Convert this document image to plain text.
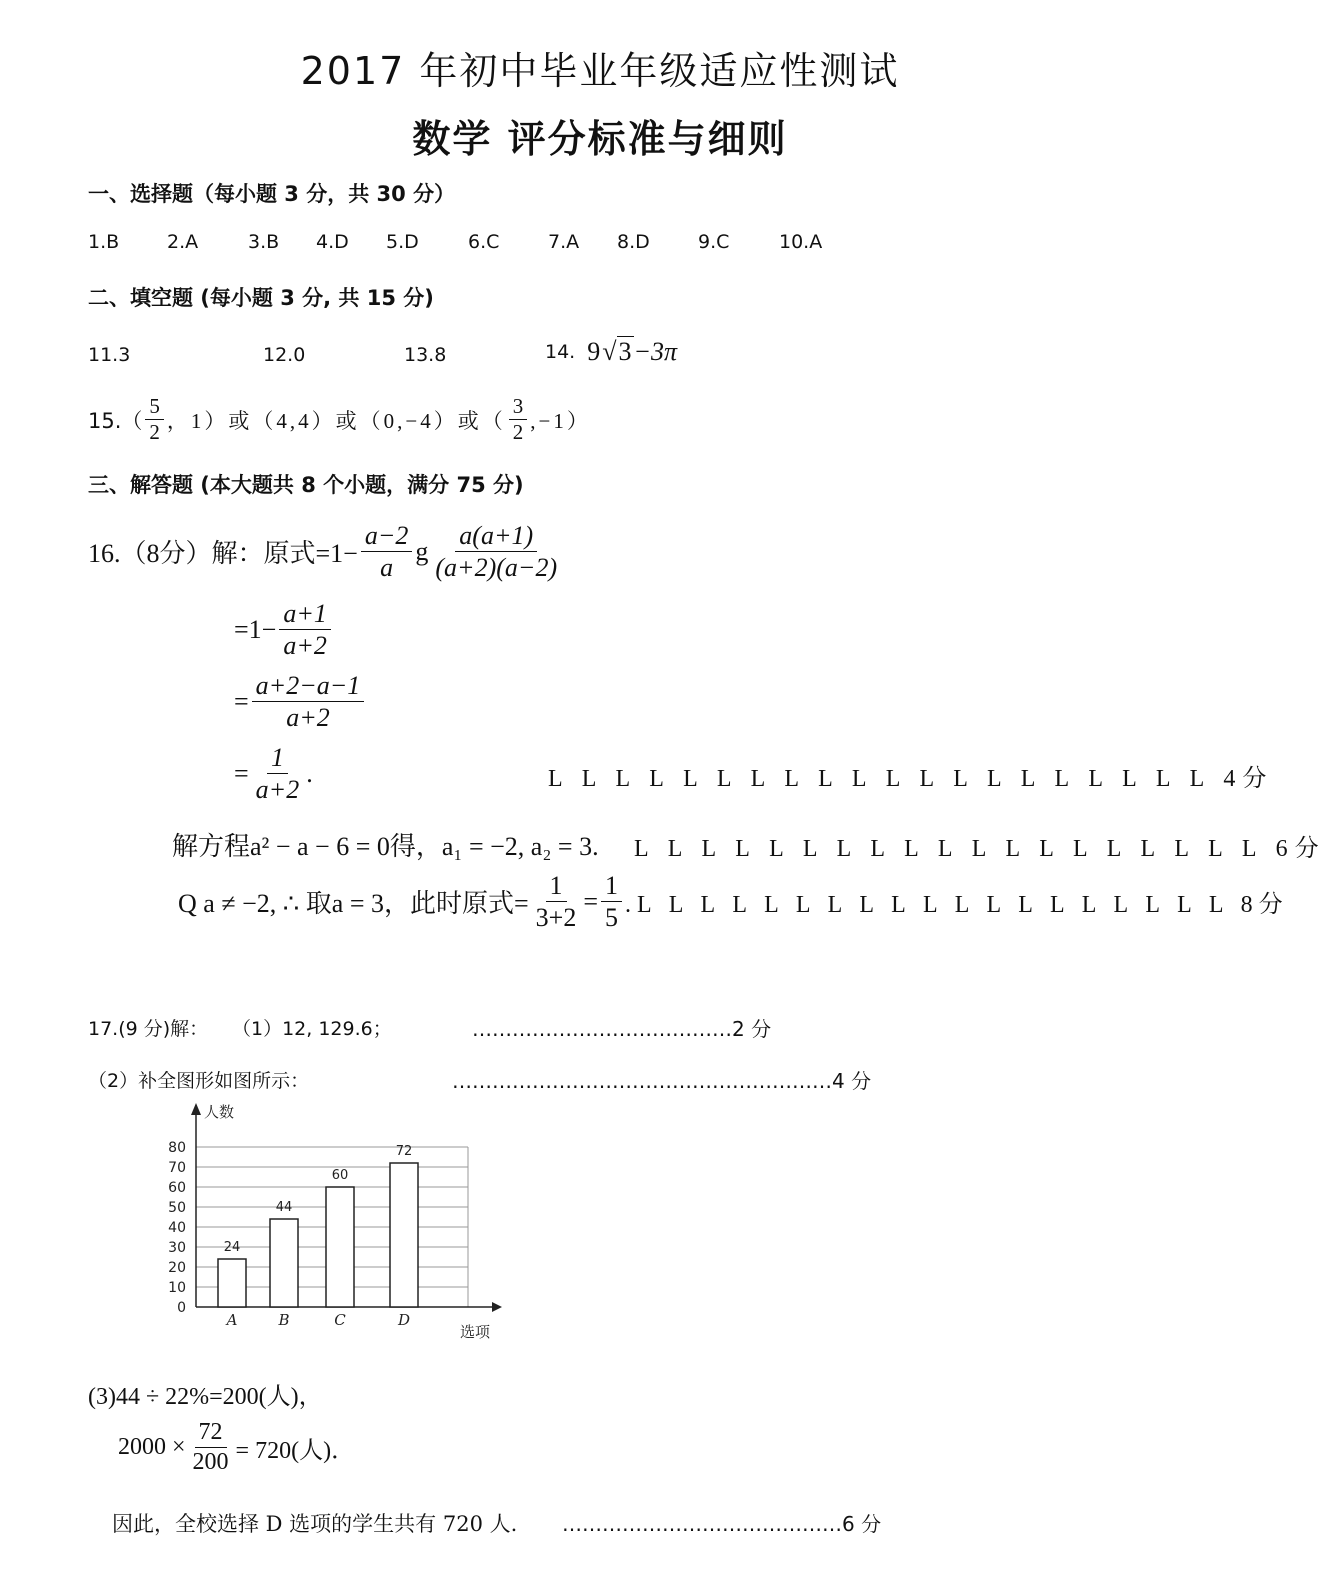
2017 年初中毕业年级适应性测试
数学 评分标准与细则
一、选择题（每小题 3 分，共 30 分）
1.B	2.A	3.B 4.D 5.D	6.C	7.A 8.D	9.C	10.A
二、填空题 (每小题 3 分, 共 15 分)
11.3	12.0	13.8	14. 9 √ 3 −3π
$15.( \frac{5}{2}$ ，1）或（4,4）或（0,−4）或（ $\frac{3}{2} ,-1$）
三、解答题 (本大题共 8 个小题，满分 75 分)
16.（8分）解：原式$=1- \frac{a-2}{a}$ g $\frac{a(a+1)}{(a+2)(a-2)}$
$=1- \frac{a+1}{a+2}$
= $\frac{a+2-a-1}{a+2}$
= $\frac{1}{a+2}$ .	L L L L L L L L L L L L L L L L L L L L 4分
解方程a² − a − 6 = 0得，a₁ = −2, a₂ = 3. L L L L L L L L L L L L L L L L L L L 6分
Q a ≠ −2, ∴ 取a = 3，此时原式= $\frac{1}{3+2} = \frac{1}{5} .L$ L L L L L L L L L L L L L L L L L L 8分
17.(9 分)解： （1）12, 129.6；	…………………………………2 分
（2）补全图形如图所示：	…………………………………………………4 分
0
10
20
30
40
50
60
70
80
人数
选项
24
A
44
B
60
C
72
D
(3)44 ÷ 22%=200(人)，
$2000 \times \frac{72}{200} = 720$(人)．
因此，全校选择 D 选项的学生共有 720 人. ……………………………………6 分
